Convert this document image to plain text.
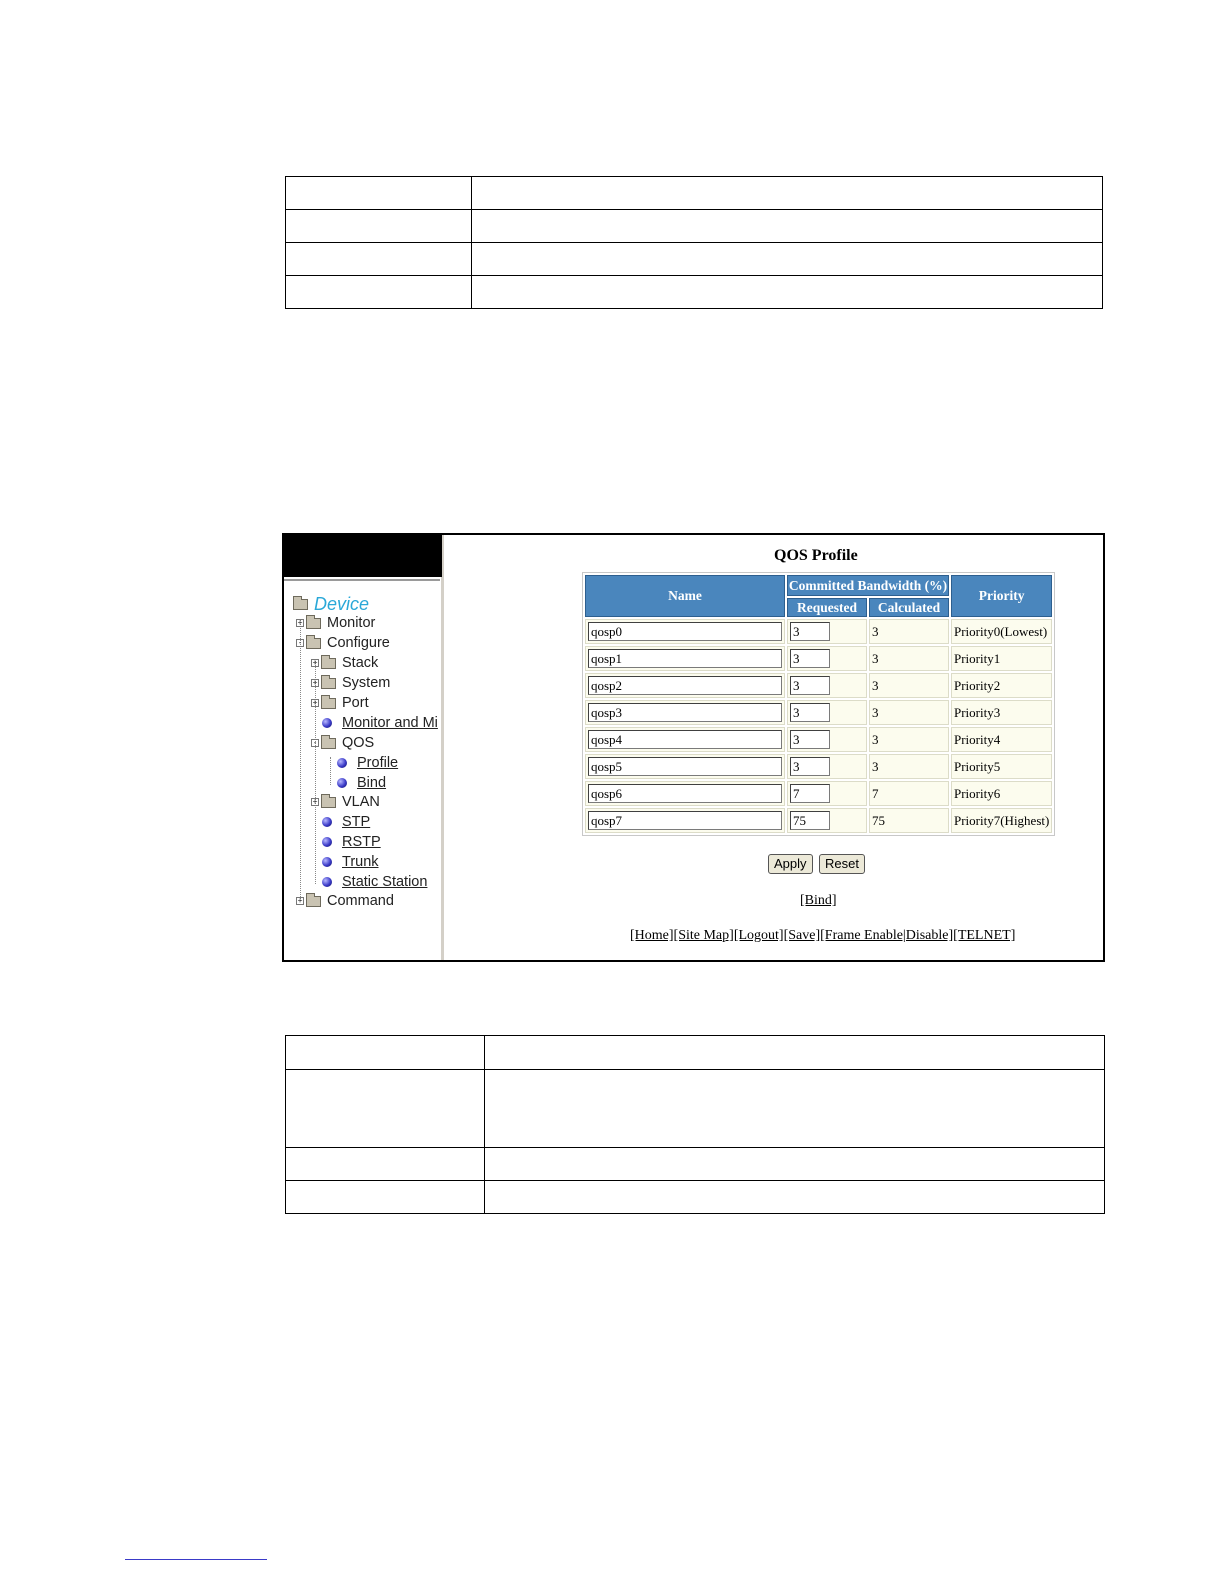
Device
+ Monitor
- Configure
+ Stack
+ System
+ Port
Monitor and Mi
- QOS
Profile
Bind
+ VLAN
STP
RSTP
Trunk
Static Station
+ Command
QOS Profile
Name	Committed Bandwidth (%)		Priority
	Requested	Calculated	
qosp0	3	3	Priority0(Lowest)
qosp1	3	3	Priority1
qosp2	3	3	Priority2
qosp3	3	3	Priority3
qosp4	3	3	Priority4
qosp5	3	3	Priority5
qosp6	7	7	Priority6
qosp7	75	75	Priority7(Highest)
Apply	Reset
[Bind]
[Home][Site Map][Logout][Save][Frame Enable|Disable][TELNET]
